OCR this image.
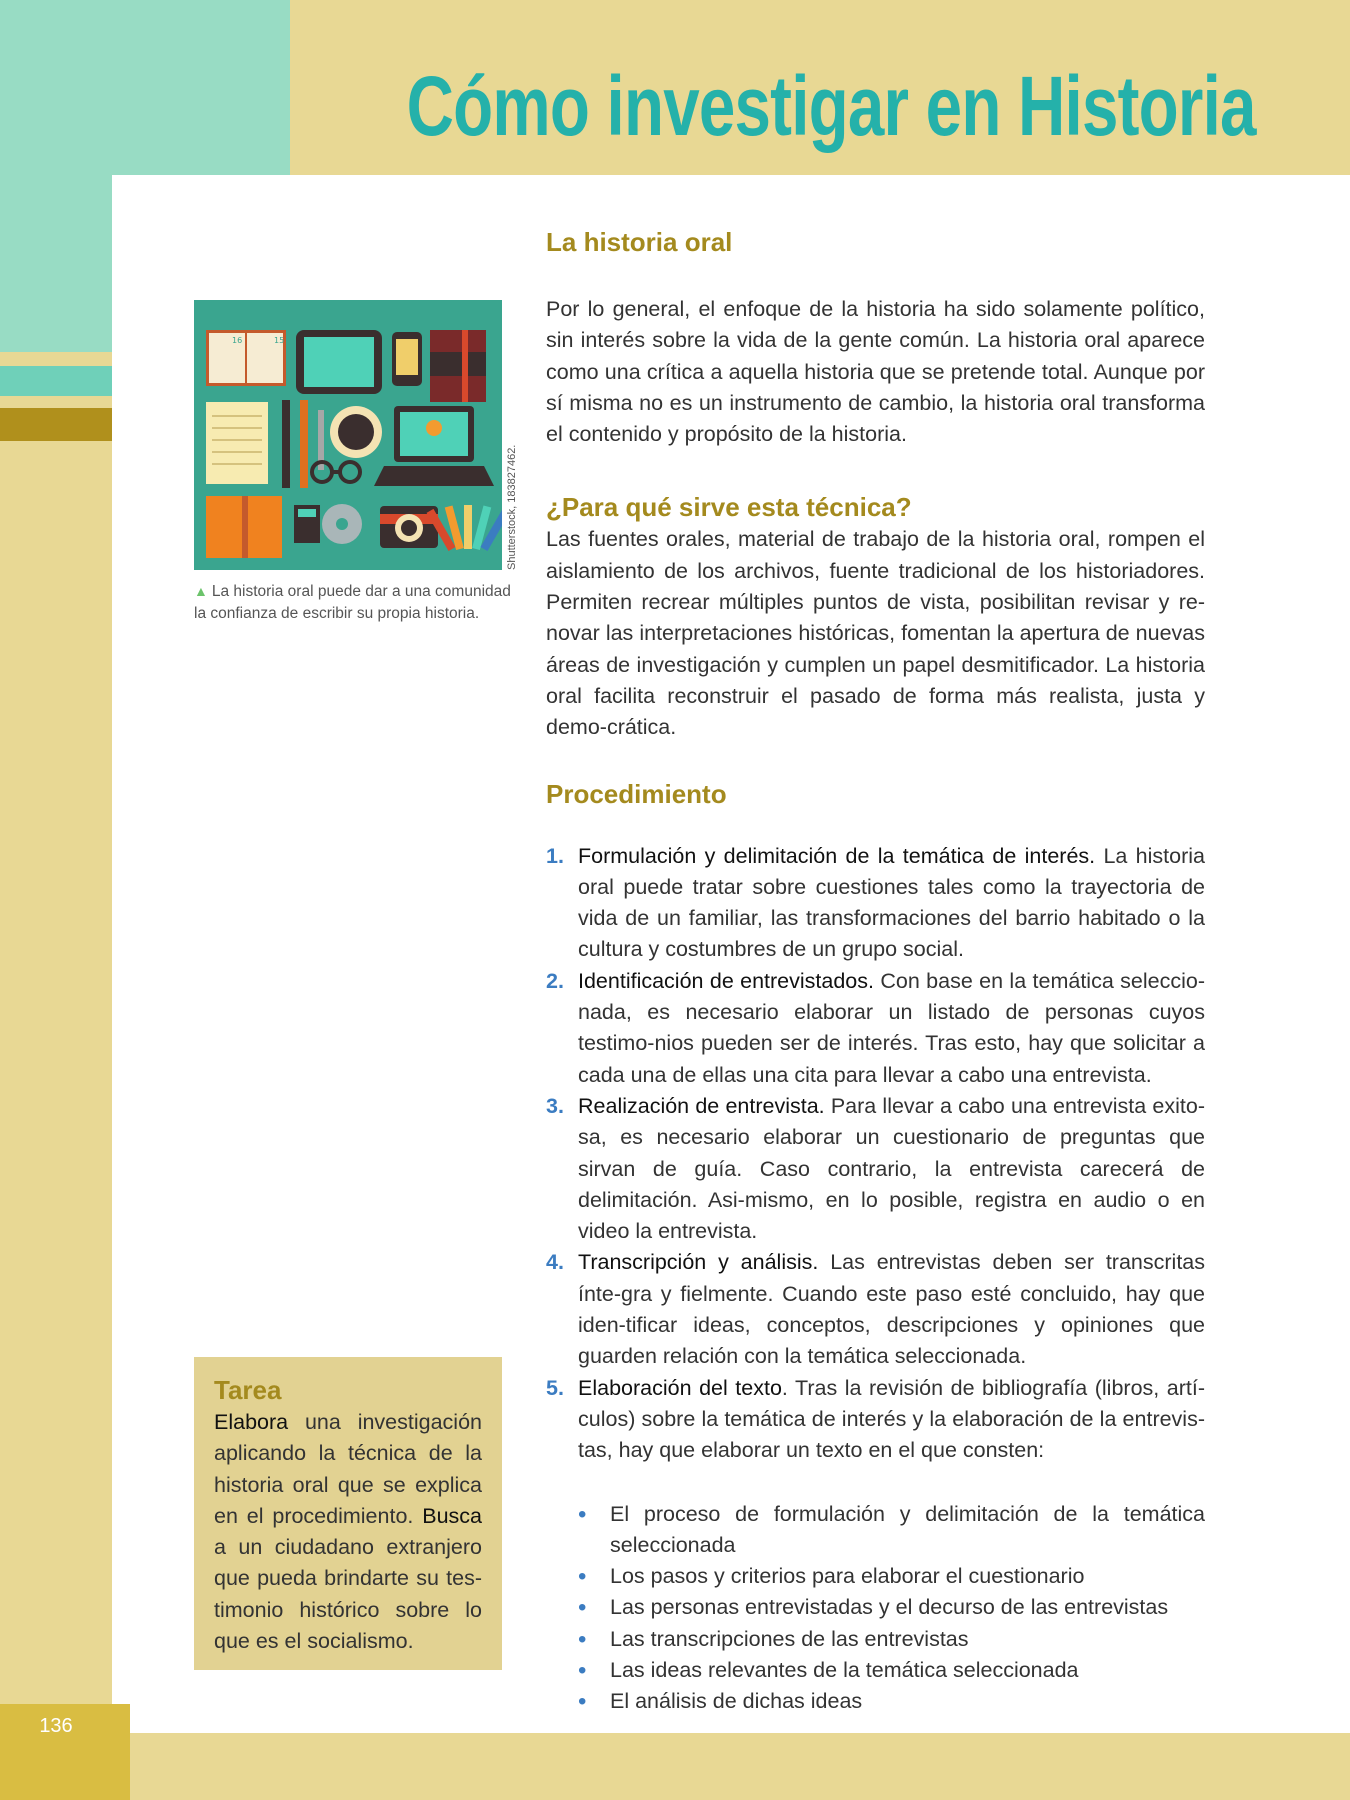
Cómo investigar en Historia
16	15
Shutterstock, 183827462.
▲ La historia oral puede dar a una comunidad la confianza de escribir su propia historia.
La historia oral

Por lo general, el enfoque de la historia ha sido solamente político, sin interés sobre la vida de la gente común. La historia oral aparece como una crítica a aquella historia que se pretende total. Aunque por sí misma no es un instrumento de cambio, la historia oral transforma el contenido y propósito de la historia.

¿Para qué sirve esta técnica?

Las fuentes orales, material de trabajo de la historia oral, rompen el aislamiento de los archivos, fuente tradicional de los historiadores. Permiten recrear múltiples puntos de vista, posibilitan revisar y re-novar las interpretaciones históricas, fomentan la apertura de nuevas áreas de investigación y cumplen un papel desmitificador. La historia oral facilita reconstruir el pasado de forma más realista, justa y demo-crática.

Procedimiento
1. Formulación y delimitación de la temática de interés. La historia oral puede tratar sobre cuestiones tales como la trayectoria de vida de un familiar, las transformaciones del barrio habitado o la cultura y costumbres de un grupo social.
2. Identificación de entrevistados. Con base en la temática seleccio-nada, es necesario elaborar un listado de personas cuyos testimo-nios pueden ser de interés. Tras esto, hay que solicitar a cada una de ellas una cita para llevar a cabo una entrevista.
3. Realización de entrevista. Para llevar a cabo una entrevista exito-sa, es necesario elaborar un cuestionario de preguntas que sirvan de guía. Caso contrario, la entrevista carecerá de delimitación. Asi-mismo, en lo posible, registra en audio o en video la entrevista.
4. Transcripción y análisis. Las entrevistas deben ser transcritas ínte-gra y fielmente. Cuando este paso esté concluido, hay que iden-tificar ideas, conceptos, descripciones y opiniones que guarden relación con la temática seleccionada.
5. Elaboración del texto. Tras la revisión de bibliografía (libros, artí-culos) sobre la temática de interés y la elaboración de la entrevis-tas, hay que elaborar un texto en el que consten:
• El proceso de formulación y delimitación de la temática seleccionada
• Los pasos y criterios para elaborar el cuestionario
• Las personas entrevistadas y el decurso de las entrevistas
• Las transcripciones de las entrevistas
• Las ideas relevantes de la temática seleccionada
• El análisis de dichas ideas
Tarea

Elabora una investigación aplicando la técnica de la historia oral que se explica en el procedimiento. Busca a un ciudadano extranjero que pueda brindarte su tes-timonio histórico sobre lo que es el socialismo.

136
